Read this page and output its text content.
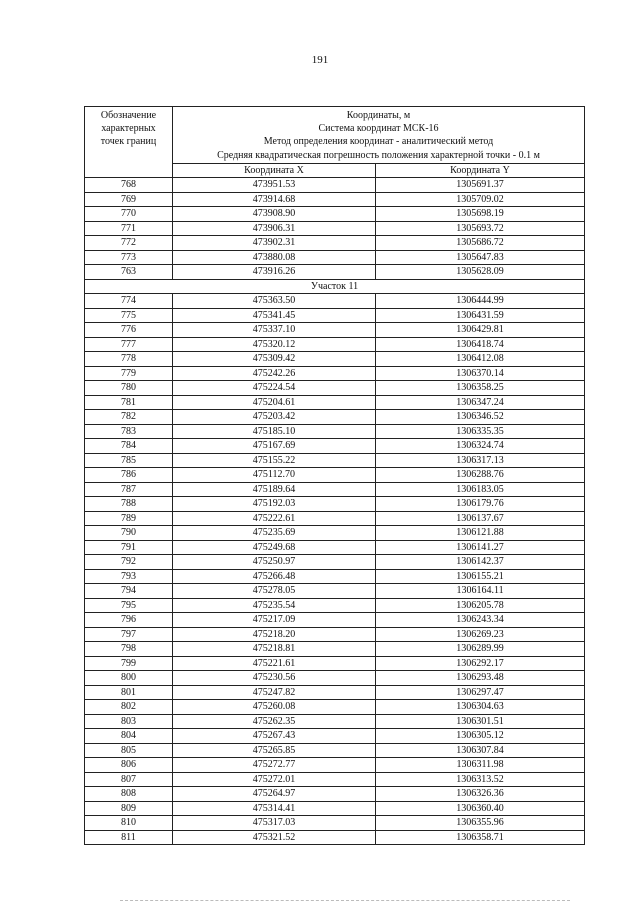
191
Обозначение
характерных
точек границ	Координаты, м
Система координат МСК-16
Метод определения координат - аналитический метод
Средняя квадратическая погрешность положения характерной точки - 0.1 м	

	Координата X	Координата Y
768	473951.53	1305691.37
769	473914.68	1305709.02
770	473908.90	1305698.19
771	473906.31	1305693.72
772	473902.31	1305686.72
773	473880.08	1305647.83
763	473916.26	1305628.09
Участок 11		
774	475363.50	1306444.99
775	475341.45	1306431.59
776	475337.10	1306429.81
777	475320.12	1306418.74
778	475309.42	1306412.08
779	475242.26	1306370.14
780	475224.54	1306358.25
781	475204.61	1306347.24
782	475203.42	1306346.52
783	475185.10	1306335.35
784	475167.69	1306324.74
785	475155.22	1306317.13
786	475112.70	1306288.76
787	475189.64	1306183.05
788	475192.03	1306179.76
789	475222.61	1306137.67
790	475235.69	1306121.88
791	475249.68	1306141.27
792	475250.97	1306142.37
793	475266.48	1306155.21
794	475278.05	1306164.11
795	475235.54	1306205.78
796	475217.09	1306243.34
797	475218.20	1306269.23
798	475218.81	1306289.99
799	475221.61	1306292.17
800	475230.56	1306293.48
801	475247.82	1306297.47
802	475260.08	1306304.63
803	475262.35	1306301.51
804	475267.43	1306305.12
805	475265.85	1306307.84
806	475272.77	1306311.98
807	475272.01	1306313.52
808	475264.97	1306326.36
809	475314.41	1306360.40
810	475317.03	1306355.96
811	475321.52	1306358.71
